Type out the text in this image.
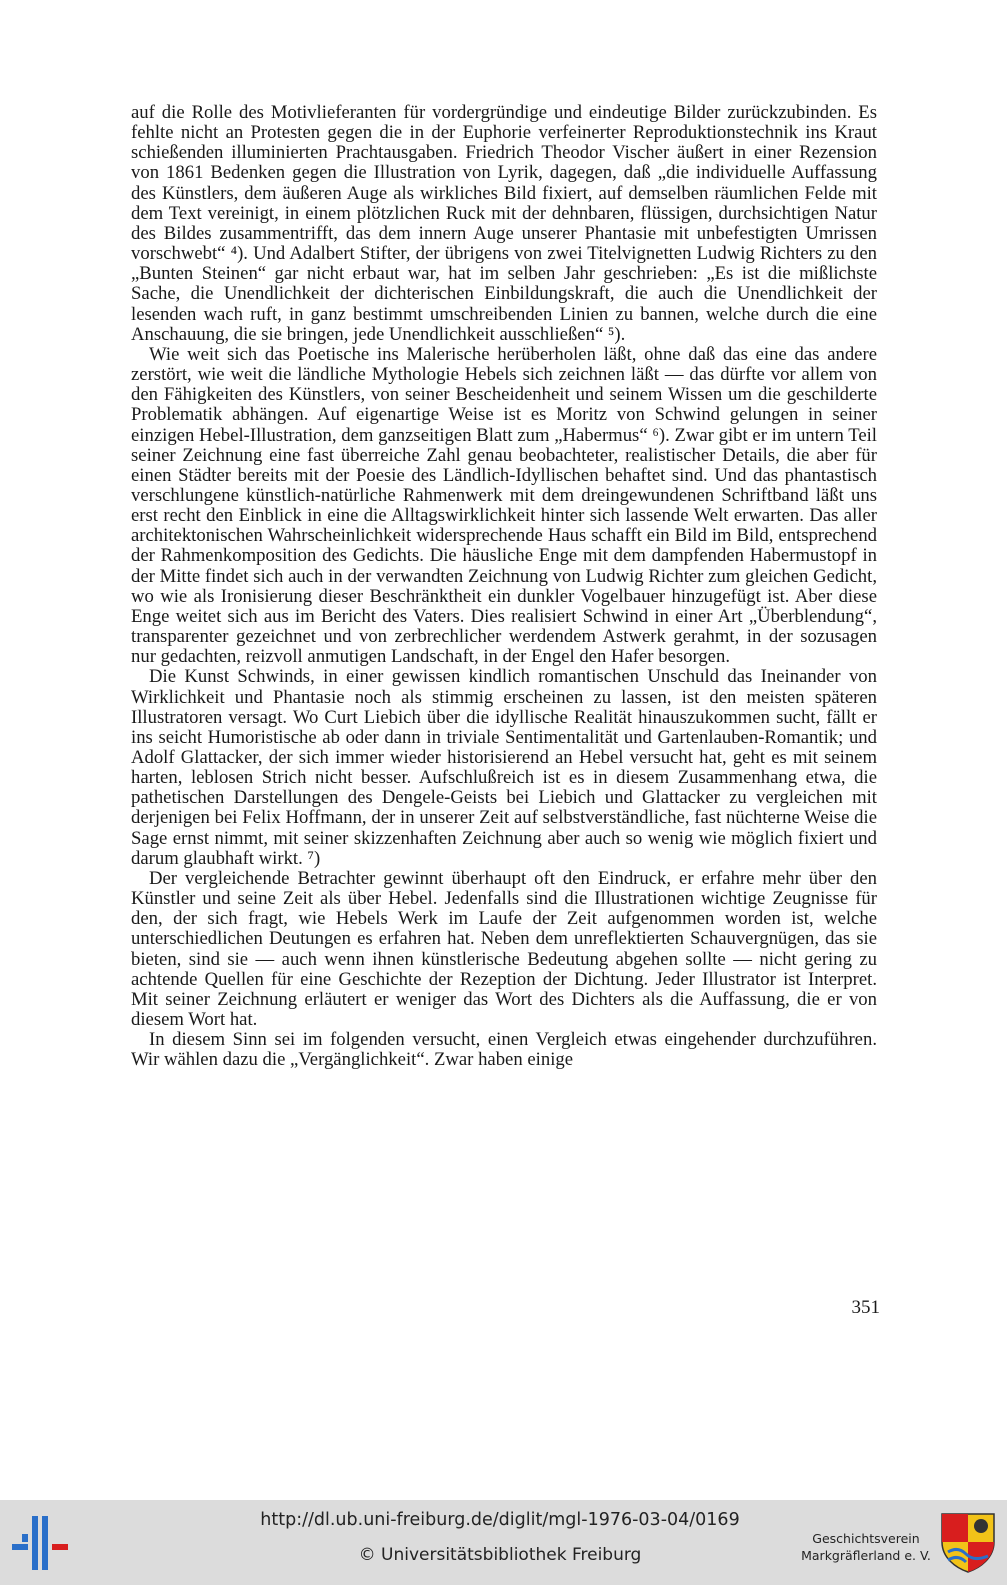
auf die Rolle des Motivlieferanten für vordergründige und eindeutige Bilder zurückzubinden. Es fehlte nicht an Protesten gegen die in der Euphorie verfeinerter Reproduktionstechnik ins Kraut schießenden illuminierten Prachtausgaben. Friedrich Theodor Vischer äußert in einer Rezension von 1861 Bedenken gegen die Illustration von Lyrik, dagegen, daß „die individuelle Auffassung des Künstlers, dem äußeren Auge als wirkliches Bild fixiert, auf demselben räumlichen Felde mit dem Text vereinigt, in einem plötzlichen Ruck mit der dehnbaren, flüssigen, durchsichtigen Natur des Bildes zusammentrifft, das dem innern Auge unserer Phantasie mit unbefestigten Umrissen vorschwebt“ ⁴). Und Adalbert Stifter, der übrigens von zwei Titelvignetten Ludwig Richters zu den „Bunten Steinen“ gar nicht erbaut war, hat im selben Jahr geschrieben: „Es ist die mißlichste Sache, die Unendlichkeit der dichterischen Einbildungskraft, die auch die Unendlichkeit der lesenden wach ruft, in ganz bestimmt umschreibenden Linien zu bannen, welche durch die eine Anschauung, die sie bringen, jede Unendlichkeit ausschließen“ ⁵).

Wie weit sich das Poetische ins Malerische herüberholen läßt, ohne daß das eine das andere zerstört, wie weit die ländliche Mythologie Hebels sich zeichnen läßt — das dürfte vor allem von den Fähigkeiten des Künstlers, von seiner Bescheidenheit und seinem Wissen um die geschilderte Problematik abhängen. Auf eigenartige Weise ist es Moritz von Schwind gelungen in seiner einzigen Hebel-Illustration, dem ganzseitigen Blatt zum „Habermus“ ⁶). Zwar gibt er im untern Teil seiner Zeichnung eine fast überreiche Zahl genau beobachteter, realistischer Details, die aber für einen Städter bereits mit der Poesie des Ländlich-Idyllischen behaftet sind. Und das phantastisch verschlungene künstlich-natürliche Rahmenwerk mit dem dreingewundenen Schriftband läßt uns erst recht den Einblick in eine die Alltagswirklichkeit hinter sich lassende Welt erwarten. Das aller architektonischen Wahrscheinlichkeit widersprechende Haus schafft ein Bild im Bild, entsprechend der Rahmenkomposition des Gedichts. Die häusliche Enge mit dem dampfenden Habermustopf in der Mitte findet sich auch in der verwandten Zeichnung von Ludwig Richter zum gleichen Gedicht, wo wie als Ironisierung dieser Beschränktheit ein dunkler Vogelbauer hinzugefügt ist. Aber diese Enge weitet sich aus im Bericht des Vaters. Dies realisiert Schwind in einer Art „Überblendung“, transparenter gezeichnet und von zerbrechlicher werdendem Astwerk gerahmt, in der sozusagen nur gedachten, reizvoll anmutigen Landschaft, in der Engel den Hafer besorgen.

Die Kunst Schwinds, in einer gewissen kindlich romantischen Unschuld das Ineinander von Wirklichkeit und Phantasie noch als stimmig erscheinen zu lassen, ist den meisten späteren Illustratoren versagt. Wo Curt Liebich über die idyllische Realität hinauszukommen sucht, fällt er ins seicht Humoristische ab oder dann in triviale Sentimentalität und Gartenlauben-Romantik; und Adolf Glattacker, der sich immer wieder historisierend an Hebel versucht hat, geht es mit seinem harten, leblosen Strich nicht besser. Aufschlußreich ist es in diesem Zusammenhang etwa, die pathetischen Darstellungen des Dengele-Geists bei Liebich und Glattacker zu vergleichen mit derjenigen bei Felix Hoffmann, der in unserer Zeit auf selbstverständliche, fast nüchterne Weise die Sage ernst nimmt, mit seiner skizzenhaften Zeichnung aber auch so wenig wie möglich fixiert und darum glaubhaft wirkt. ⁷)

Der vergleichende Betrachter gewinnt überhaupt oft den Eindruck, er erfahre mehr über den Künstler und seine Zeit als über Hebel. Jedenfalls sind die Illustrationen wichtige Zeugnisse für den, der sich fragt, wie Hebels Werk im Laufe der Zeit aufgenommen worden ist, welche unterschiedlichen Deutungen es erfahren hat. Neben dem unreflektierten Schauvergnügen, das sie bieten, sind sie — auch wenn ihnen künstlerische Bedeutung abgehen sollte — nicht gering zu achtende Quellen für eine Geschichte der Rezeption der Dichtung. Jeder Illustrator ist Interpret. Mit seiner Zeichnung erläutert er weniger das Wort des Dichters als die Auffassung, die er von diesem Wort hat.

In diesem Sinn sei im folgenden versucht, einen Vergleich etwas eingehender durchzuführen. Wir wählen dazu die „Vergänglichkeit“. Zwar haben einige

351
http://dl.ub.uni-freiburg.de/diglit/mgl-1976-03-04/0169
© Universitätsbibliothek Freiburg
Geschichtsverein
Markgräflerland e. V.
